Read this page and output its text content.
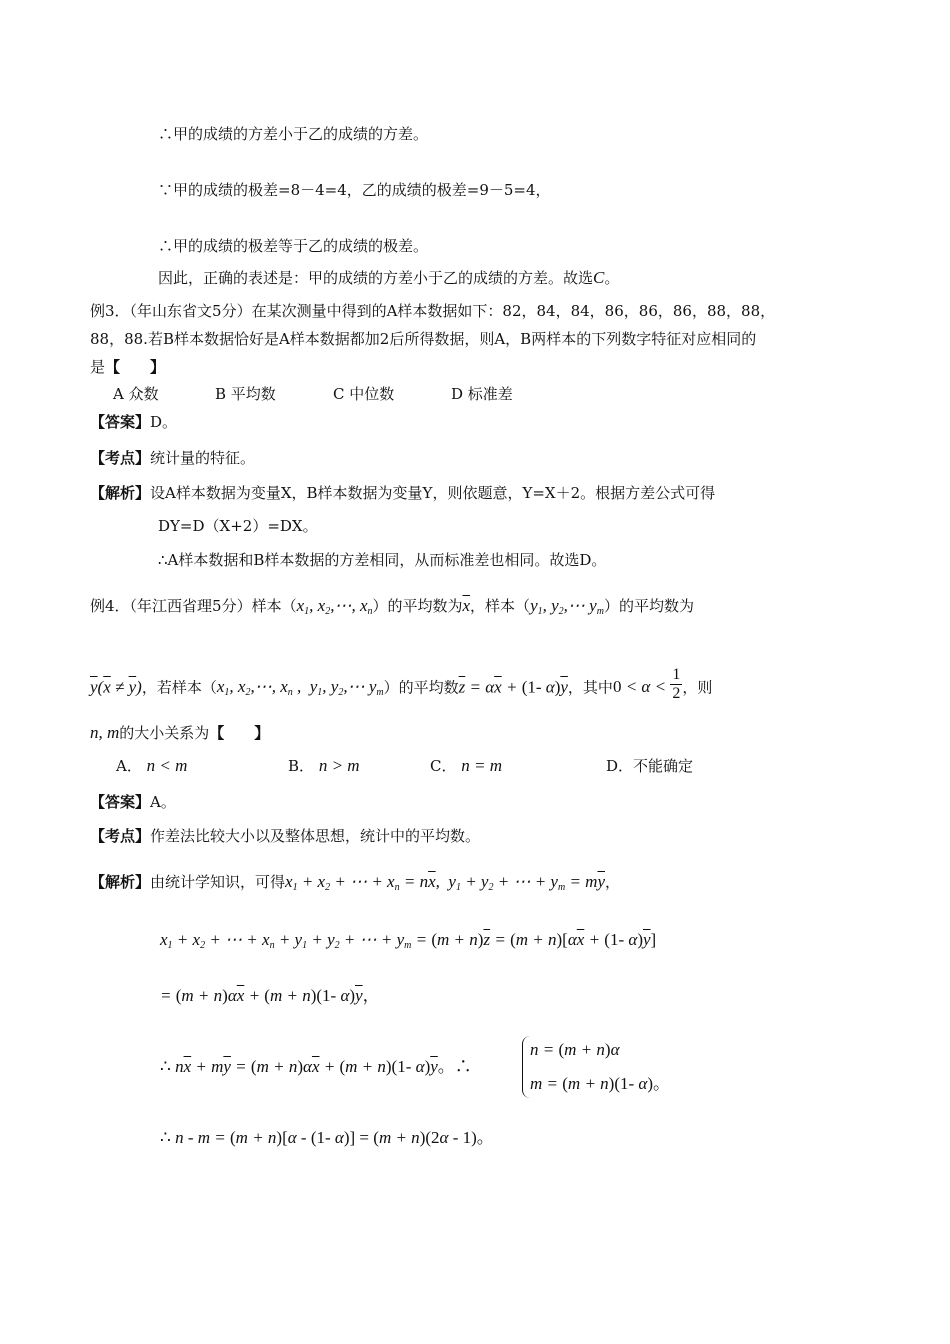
∴甲的成绩的方差小于乙的成绩的方差。
∵甲的成绩的极差=8－4=4，乙的成绩的极差=9－5=4，
∴甲的成绩的极差等于乙的成绩的极差。
因此，正确的表述是：甲的成绩的方差小于乙的成绩的方差。故选C。
例3．（年山东省文5分）在某次测量中得到的A样本数据如下：82，84，84，86，86，86，88，88，
88，88.若B样本数据恰好是A样本数据都加2后所得数据，则A，B两样本的下列数字特征对应相同的
是【　　】
A 众数	B 平均数	C 中位数	D 标准差
【答案】D。
【考点】统计量的特征。
【解析】设A样本数据为变量X，B样本数据为变量Y，则依题意，Y=X＋2。根据方差公式可得
DY=D（X+2）=DX。
∴A样本数据和B样本数据的方差相同，从而标准差也相同。故选D。
例4．（年江西省理5分）样本（$x_1$, $x_2,\cdots$, $x_n$）的平均数为$\overline{x}$，样本（$y_1$, $y_2,\cdots$ $y_m$）的平均数为
$\overline{y}(\overline{x} \ne \overline{y})$，若样本（$x_1$, $x_2,\cdots$, $x_n$ ,  $y_1$, $y_2,\cdots$ $y_m$）的平均数$\overline{z} = \alpha\overline{x} + (1-$ $\alpha)\overline{y}$，其中$0 < \alpha < \frac{1}{2}$ ，则
n, m的大小关系为【　　】
A． n < m	B． n > m	C． n = m	D．不能确定
【答案】A。
【考点】作差法比较大小以及整体思想，统计中的平均数。
【解析】由统计学知识，可得$x_1 + x_2$ + ⋯ + $x_n = n\overline{x}$,  $y_1 + y_2$ + ⋯ + $y_m = m\overline{y}$，
$x_1 + x_2$ + ⋯ + $x_n + y_1 + y_2$ + ⋯ + $y_m = (m + n)\overline{z} = (m + n)[\alpha\overline{x} + (1-$ $\alpha)\overline{y}$]
= $(m + n)\alpha\overline{x} + (m + n)(1-$ $\alpha)\overline{y}$，
∴ $n\overline{x} + m\overline{y} = (m + n)\alpha\overline{x} + (m + n)(1-$ $\alpha)\overline{y}$。∴
n = (m + n)α
m = (m + n)(1- α)。
∴ n - m = (m + n)[α - (1- α)] = (m + n)(2α - 1)。
